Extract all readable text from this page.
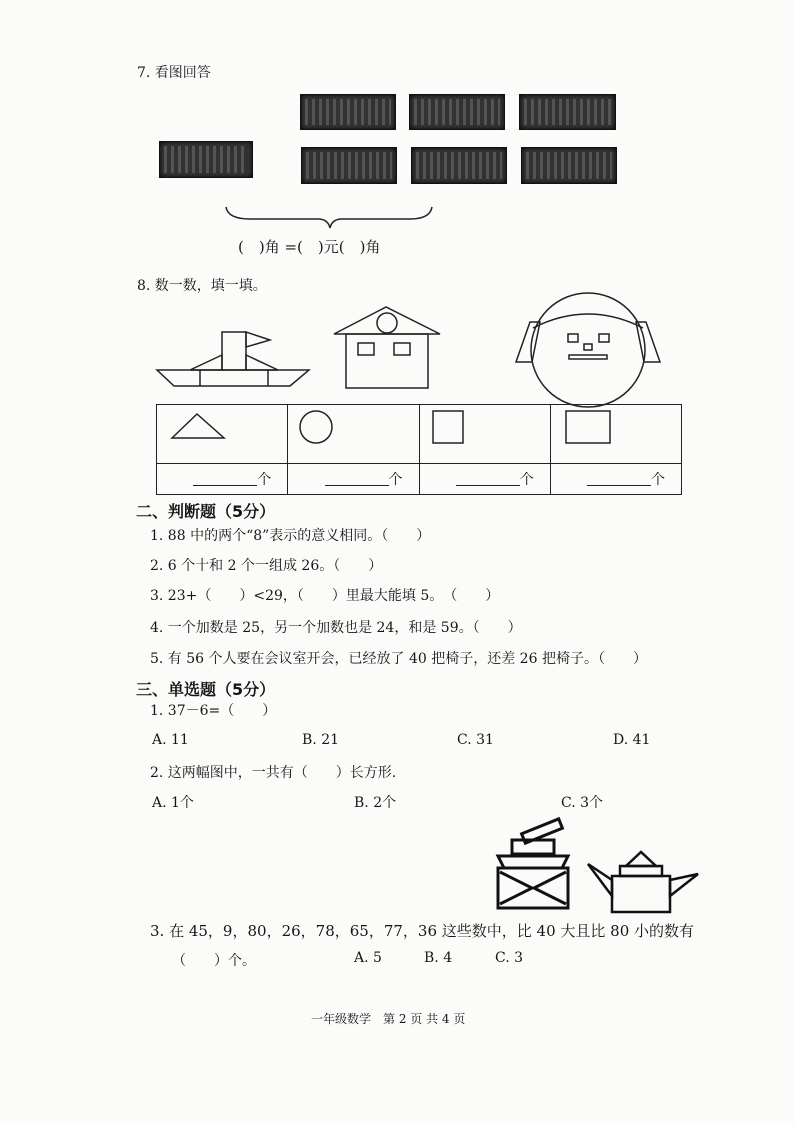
7. 看图回答
(　)角 =(　)元(　)角
8. 数一数，填一填。

个	个	个	个
二、判断题（5分）
1. 88 中的两个“8”表示的意义相同。（　　）
2. 6 个十和 2 个一组成 26。（　　）
3. 23+（　　）<29，（　　）里最大能填 5。　（　　）
4. 一个加数是 25，另一个加数也是 24，和是 59。（　　）
5. 有 56 个人要在会议室开会，已经放了 40 把椅子，还差 26 把椅子。（　　）
三、单选题（5分）
1. 37－6=（　　）
A. 11	B. 21	C. 31	D. 41
2. 这两幅图中，一共有（　　）长方形.
A. 1个	B. 2个	C. 3个
3. 在 45，9，80，26，78，65，77，36 这些数中，比 40 大且比 80 小的数有
（　　）个。	A. 5	B. 4	C. 3
一年级数学　第 2 页 共 4 页
